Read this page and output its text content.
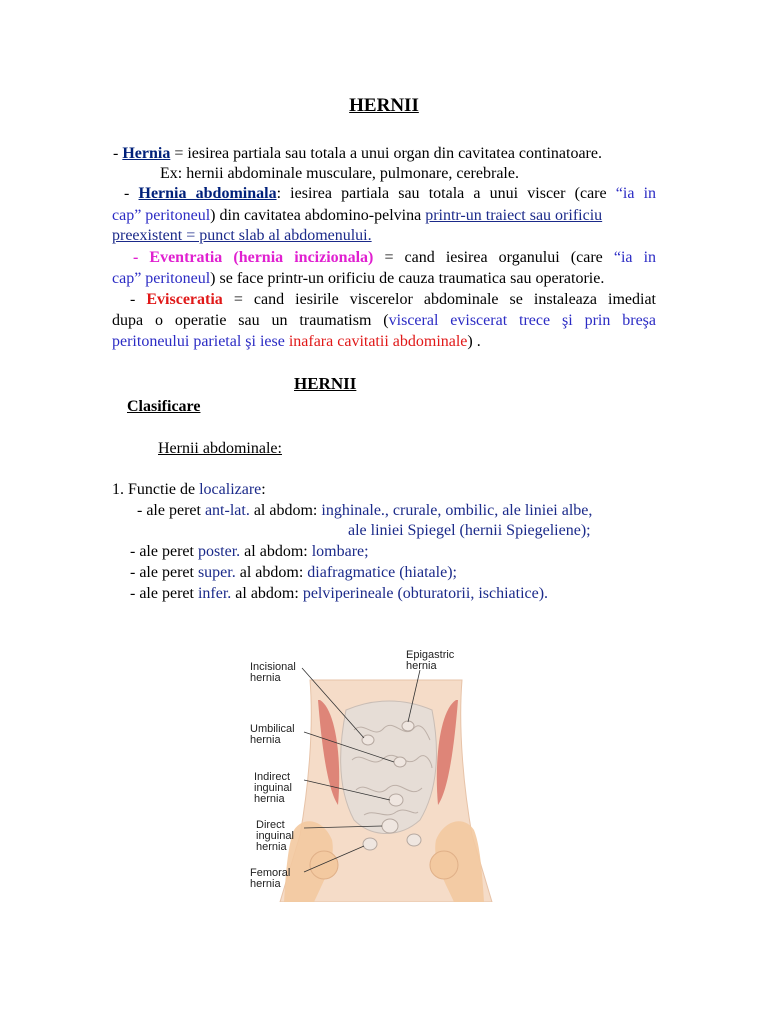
HERNII
- Hernia = iesirea partiala sau totala a unui organ din cavitatea continatoare.
Ex: hernii abdominale musculare, pulmonare, cerebrale.
- Hernia abdominala: iesirea partiala sau totala a unui viscer (care “ia in
cap” peritoneul) din cavitatea abdomino-pelvina printr-un traiect sau orificiu
preexistent = punct slab al abdomenului.
- Eventratia (hernia incizionala) = cand iesirea organului (care “ia in
cap” peritoneul) se face printr-un orificiu de cauza traumatica sau operatorie.
- Evisceratia = cand iesirile viscerelor abdominale se instaleaza imediat
dupa o operatie sau un traumatism (visceral eviscerat trece şi prin breşa
peritoneului parietal şi iese inafara cavitatii abdominale) .
HERNII
Clasificare
Hernii abdominale:
1. Functie de localizare:
- ale peret ant-lat. al abdom: inghinale., crurale, ombilic, ale liniei albe,
ale liniei Spiegel (hernii Spiegeliene);
- ale peret poster. al abdom: lombare;
- ale peret super. al abdom: diafragmatice (hiatale);
- ale peret infer. al abdom: pelviperineale (obturatorii, ischiatice).
Incisional hernia
Epigastric hernia
Umbilical hernia
Indirect inguinal hernia
Direct inguinal hernia
Femoral hernia
